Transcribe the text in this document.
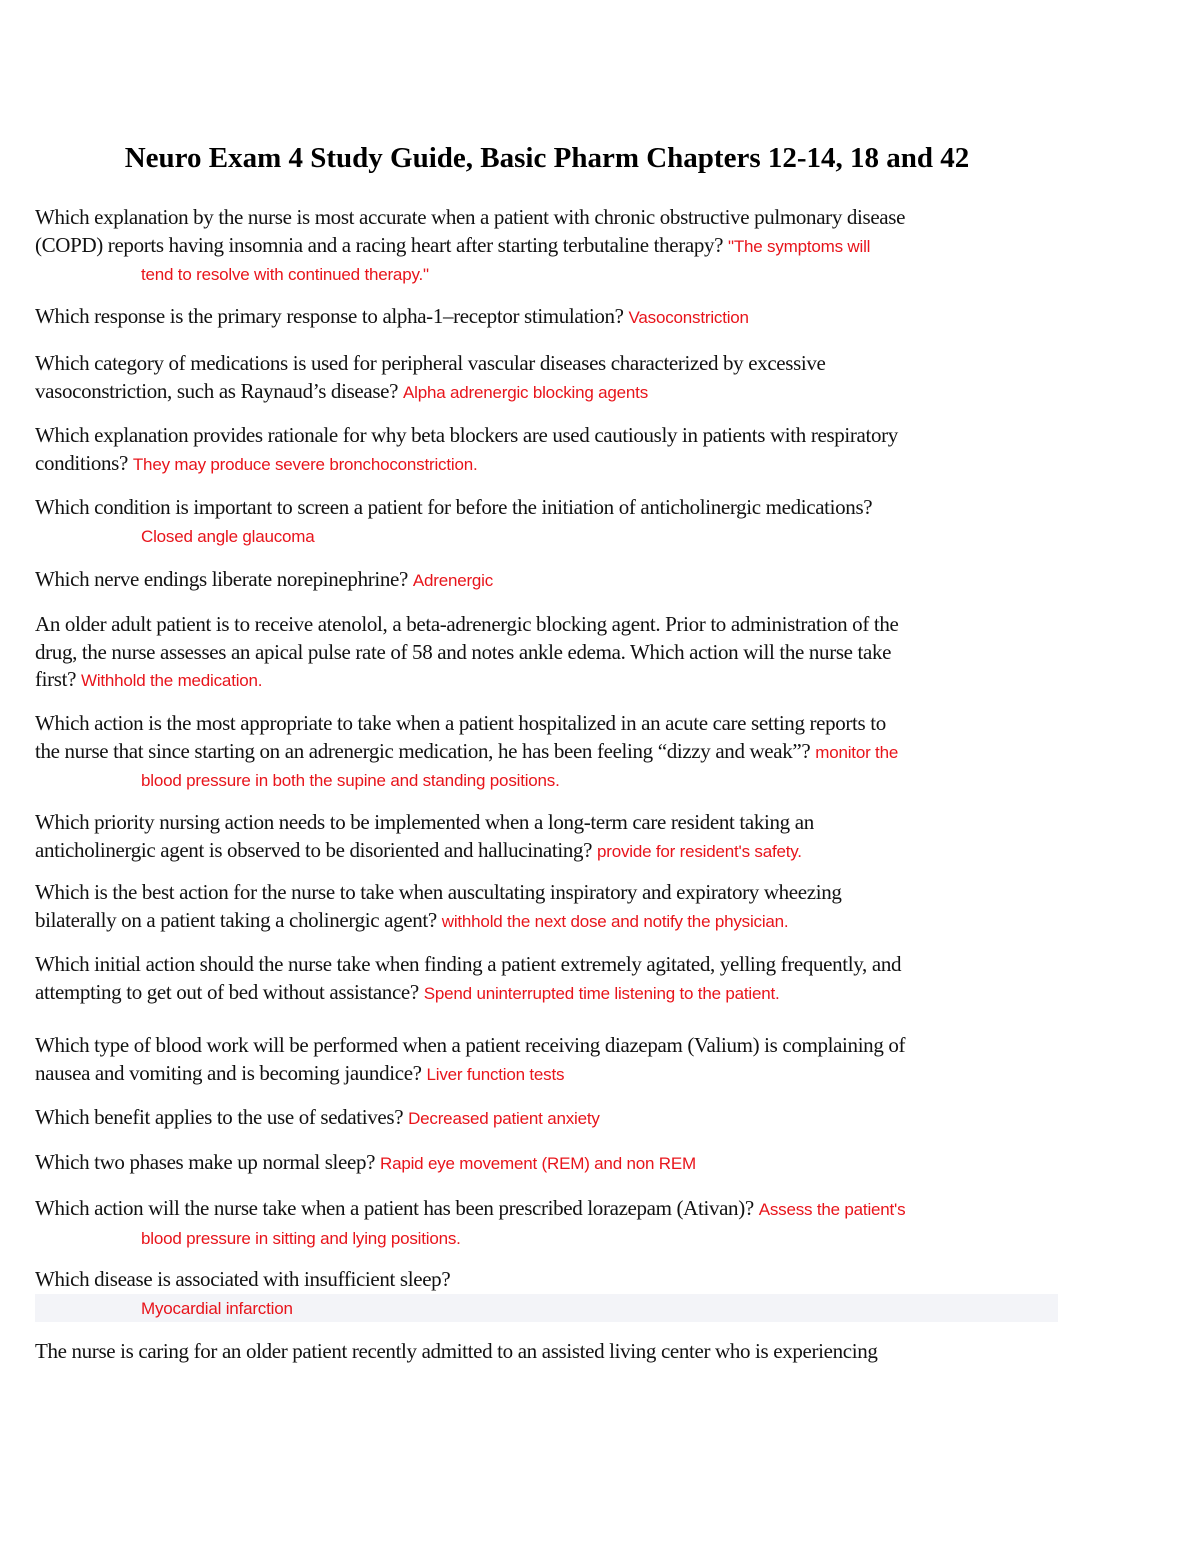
Neuro Exam 4 Study Guide, Basic Pharm Chapters 12-14, 18 and 42
Which explanation by the nurse is most accurate when a patient with chronic obstructive pulmonary disease
(COPD) reports having insomnia and a racing heart after starting terbutaline therapy? "The symptoms will
tend to resolve with continued therapy."
Which response is the primary response to alpha-1–receptor stimulation? Vasoconstriction
Which category of medications is used for peripheral vascular diseases characterized by excessive
vasoconstriction, such as Raynaud’s disease? Alpha adrenergic blocking agents
Which explanation provides rationale for why beta blockers are used cautiously in patients with respiratory
conditions? They may produce severe bronchoconstriction.
Which condition is important to screen a patient for before the initiation of anticholinergic medications?
Closed angle glaucoma
Which nerve endings liberate norepinephrine? Adrenergic
An older adult patient is to receive atenolol, a beta-adrenergic blocking agent. Prior to administration of the
drug, the nurse assesses an apical pulse rate of 58 and notes ankle edema. Which action will the nurse take
first? Withhold the medication.
Which action is the most appropriate to take when a patient hospitalized in an acute care setting reports to
the nurse that since starting on an adrenergic medication, he has been feeling “dizzy and weak”? monitor the
blood pressure in both the supine and standing positions.
Which priority nursing action needs to be implemented when a long-term care resident taking an
anticholinergic agent is observed to be disoriented and hallucinating? provide for resident's safety.
Which is the best action for the nurse to take when auscultating inspiratory and expiratory wheezing
bilaterally on a patient taking a cholinergic agent? withhold the next dose and notify the physician.
Which initial action should the nurse take when finding a patient extremely agitated, yelling frequently, and
attempting to get out of bed without assistance? Spend uninterrupted time listening to the patient.
Which type of blood work will be performed when a patient receiving diazepam (Valium) is complaining of
nausea and vomiting and is becoming jaundice? Liver function tests
Which benefit applies to the use of sedatives? Decreased patient anxiety
Which two phases make up normal sleep? Rapid eye movement (REM) and non REM
Which action will the nurse take when a patient has been prescribed lorazepam (Ativan)? Assess the patient's
blood pressure in sitting and lying positions.
Which disease is associated with insufficient sleep?
Myocardial infarction
The nurse is caring for an older patient recently admitted to an assisted living center who is experiencing
